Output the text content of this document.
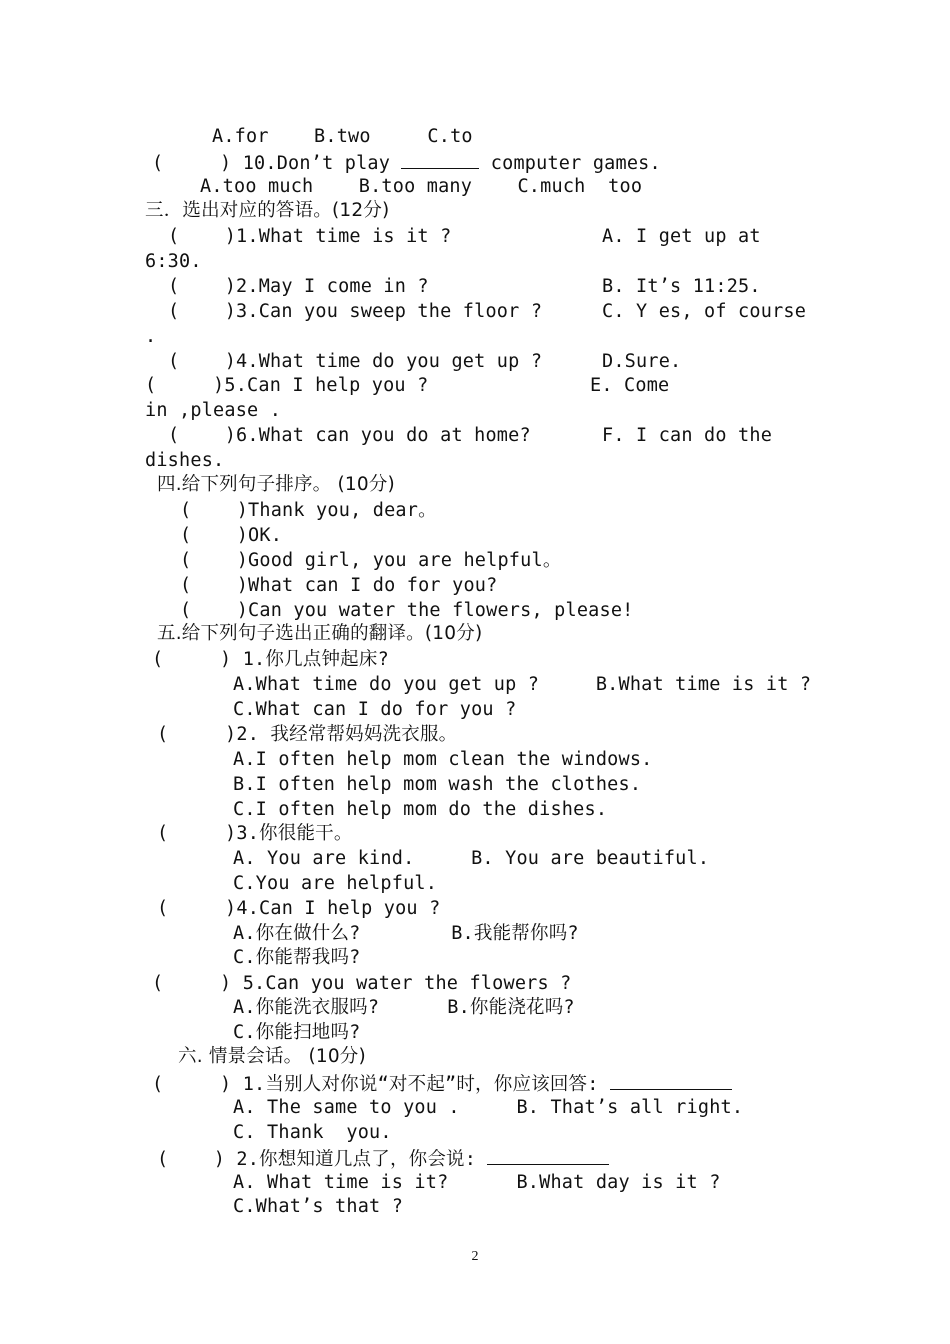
A.for    B.two     C.to
(     ) 10.Don’t play	computer games.
A.too much    B.too many    C.much  too
三．选出对应的答语。(12分)
(    )1.What time is it ?	A. I get up at
6:30.
(    )2.May I come in ?	B. It’s 11:25.
(    )3.Can you sweep the floor ?	C. Y es, of course
.
(    )4.What time do you get up ?	D.Sure.
(     )5.Can I help you ?	E. Come
in ,please .
(    )6.What can you do at home?	F. I can do the
dishes.
四.给下列句子排序。 (10分)
(    )Thank you, dear。
(    )OK.
(    )Good girl, you are helpful。
(    )What can I do for you?
(    )Can you water the flowers, please!
五.给下列句子选出正确的翻译。(10分)
(     ) 1.你几点钟起床?
A.What time do you get up ?     B.What time is it ?
C.What can I do for you ?
(     )2. 我经常帮妈妈洗衣服。
A.I often help mom clean the windows.
B.I often help mom wash the clothes.
C.I often help mom do the dishes.
(     )3.你很能干。
A. You are kind.     B. You are beautiful.
C.You are helpful.
(     )4.Can I help you ?
A.你在做什么?        B.我能帮你吗?
C.你能帮我吗?
(     ) 5.Can you water the flowers ?
A.你能洗衣服吗?      B.你能浇花吗?
C.你能扫地吗?
六. 情景会话。 (10分)
(     ) 1.当别人对你说“对不起”时，你应该回答:
A. The same to you .     B. That’s all right.
C. Thank  you.
(    ) 2.你想知道几点了，你会说:
A. What time is it?      B.What day is it ?
C.What’s that ?
2
